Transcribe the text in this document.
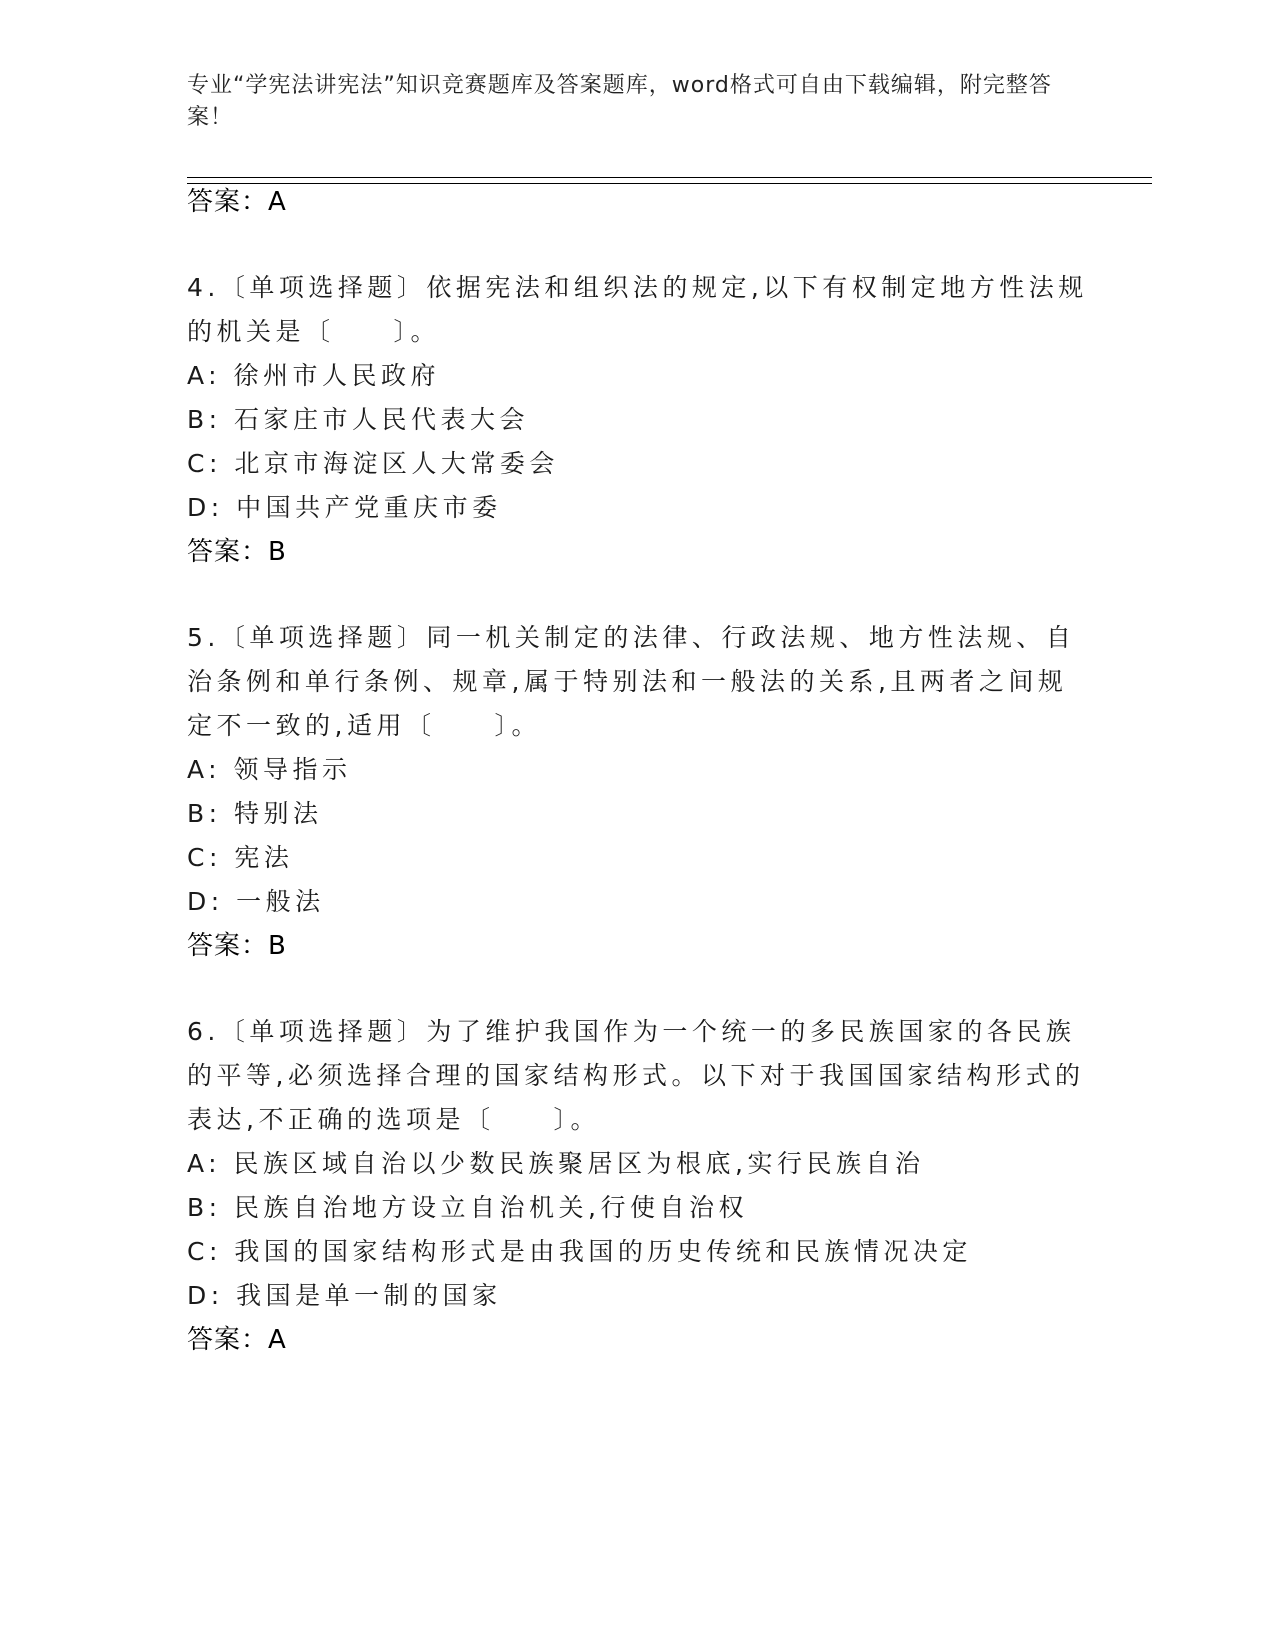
专业“学宪法讲宪法”知识竞赛题库及答案题库，word格式可自由下载编辑，附完整答案！
答案：A
4.〔单项选择题〕依据宪法和组织法的规定,以下有权制定地方性法规
的机关是〔　　〕。
A: 徐州市人民政府
B: 石家庄市人民代表大会
C: 北京市海淀区人大常委会
D: 中国共产党重庆市委
答案：B
5.〔单项选择题〕同一机关制定的法律、行政法规、地方性法规、自
治条例和单行条例、规章,属于特别法和一般法的关系,且两者之间规
定不一致的,适用〔　　〕。
A: 领导指示
B: 特别法
C: 宪法
D: 一般法
答案：B
6.〔单项选择题〕为了维护我国作为一个统一的多民族国家的各民族
的平等,必须选择合理的国家结构形式。以下对于我国国家结构形式的
表达,不正确的选项是〔　　〕。
A: 民族区域自治以少数民族聚居区为根底,实行民族自治
B: 民族自治地方设立自治机关,行使自治权
C: 我国的国家结构形式是由我国的历史传统和民族情况决定
D: 我国是单一制的国家
答案：A
